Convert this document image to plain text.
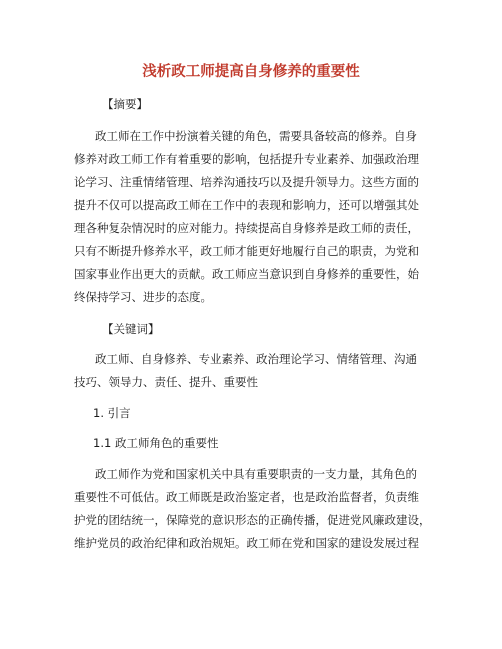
浅析政工师提高自身修养的重要性
【摘要】
政工师在工作中扮演着关键的角色，需要具备较高的修养。自身
修养对政工师工作有着重要的影响，包括提升专业素养、加强政治理
论学习、注重情绪管理、培养沟通技巧以及提升领导力。这些方面的
提升不仅可以提高政工师在工作中的表现和影响力，还可以增强其处
理各种复杂情况时的应对能力。持续提高自身修养是政工师的责任，
只有不断提升修养水平，政工师才能更好地履行自己的职责，为党和
国家事业作出更大的贡献。政工师应当意识到自身修养的重要性，始
终保持学习、进步的态度。
【关键词】
政工师、自身修养、专业素养、政治理论学习、情绪管理、沟通
技巧、领导力、责任、提升、重要性
1. 引言
1.1 政工师角色的重要性
政工师作为党和国家机关中具有重要职责的一支力量，其角色的
重要性不可低估。政工师既是政治鉴定者，也是政治监督者，负责维
护党的团结统一，保障党的意识形态的正确传播，促进党风廉政建设，
维护党员的政治纪律和政治规矩。政工师在党和国家的建设发展过程
